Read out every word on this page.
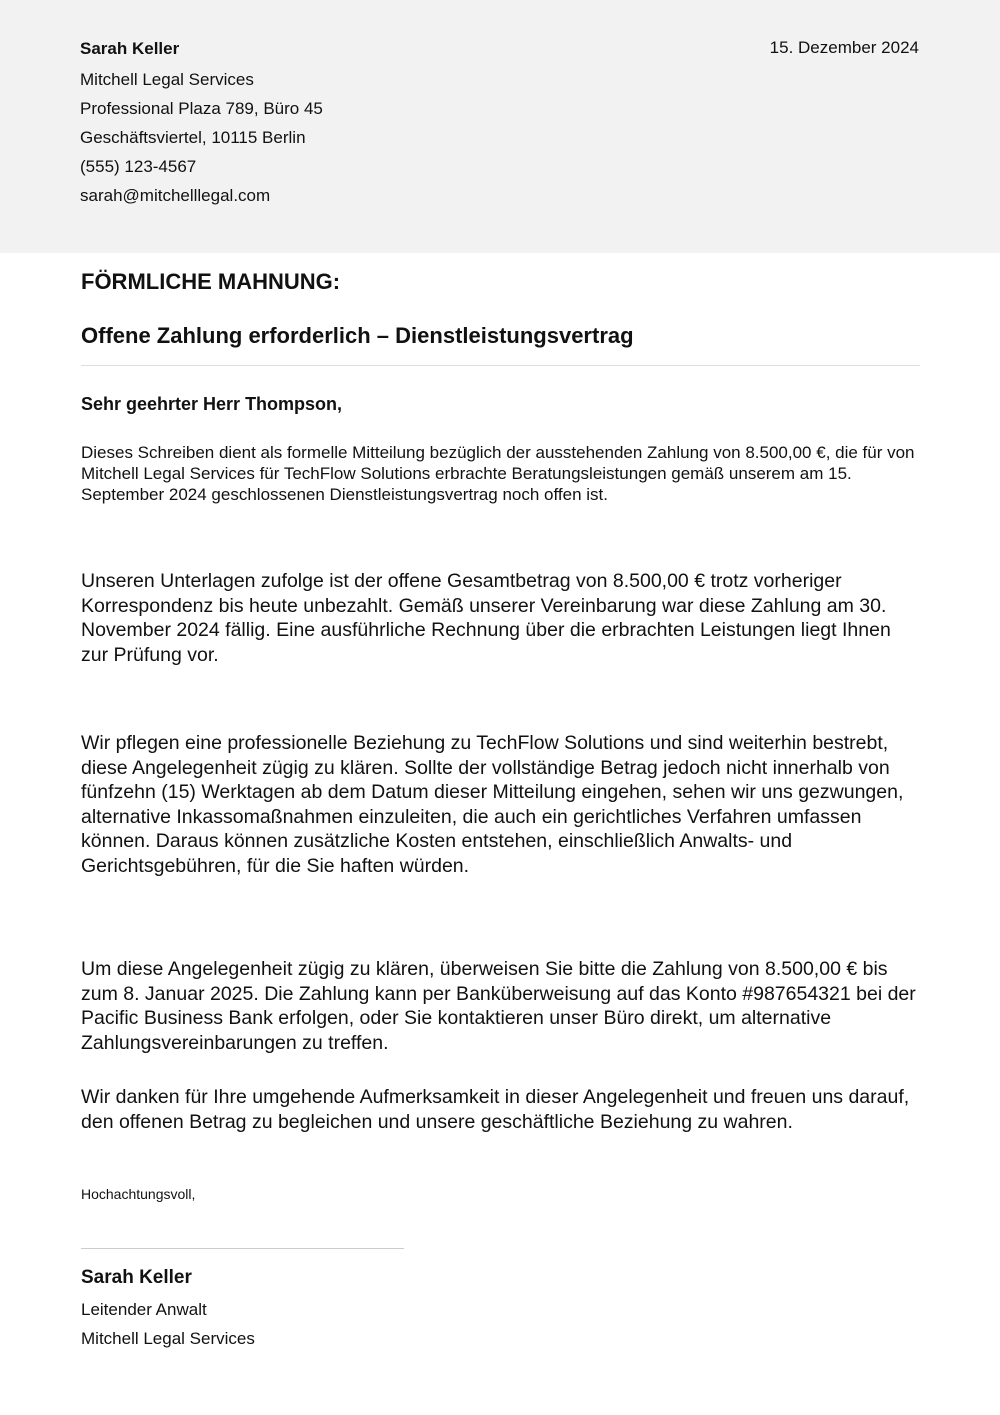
Sarah Keller
Mitchell Legal Services
Professional Plaza 789, Büro 45
Geschäftsviertel, 10115 Berlin
(555) 123-4567
sarah@mitchelllegal.com
15. Dezember 2024
FÖRMLICHE MAHNUNG:
Offene Zahlung erforderlich – Dienstleistungsvertrag
Sehr geehrter Herr Thompson,

Dieses Schreiben dient als formelle Mitteilung bezüglich der ausstehenden Zahlung von 8.500,00 €, die für von Mitchell Legal Services für TechFlow Solutions erbrachte Beratungsleistungen gemäß unserem am 15. September 2024 geschlossenen Dienstleistungsvertrag noch offen ist.

Unseren Unterlagen zufolge ist der offene Gesamtbetrag von 8.500,00 € trotz vorheriger Korrespondenz bis heute unbezahlt. Gemäß unserer Vereinbarung war diese Zahlung am 30. November 2024 fällig. Eine ausführliche Rechnung über die erbrachten Leistungen liegt Ihnen zur Prüfung vor.

Wir pflegen eine professionelle Beziehung zu TechFlow Solutions und sind weiterhin bestrebt, diese Angelegenheit zügig zu klären. Sollte der vollständige Betrag jedoch nicht innerhalb von fünfzehn (15) Werktagen ab dem Datum dieser Mitteilung eingehen, sehen wir uns gezwungen, alternative Inkassomaßnahmen einzuleiten, die auch ein gerichtliches Verfahren umfassen können. Daraus können zusätzliche Kosten entstehen, einschließlich Anwalts- und Gerichtsgebühren, für die Sie haften würden.

Um diese Angelegenheit zügig zu klären, überweisen Sie bitte die Zahlung von 8.500,00 € bis zum 8. Januar 2025. Die Zahlung kann per Banküberweisung auf das Konto #987654321 bei der Pacific Business Bank erfolgen, oder Sie kontaktieren unser Büro direkt, um alternative Zahlungsvereinbarungen zu treffen.

Wir danken für Ihre umgehende Aufmerksamkeit in dieser Angelegenheit und freuen uns darauf, den offenen Betrag zu begleichen und unsere geschäftliche Beziehung zu wahren.

Hochachtungsvoll,
Sarah Keller
Leitender Anwalt
Mitchell Legal Services
